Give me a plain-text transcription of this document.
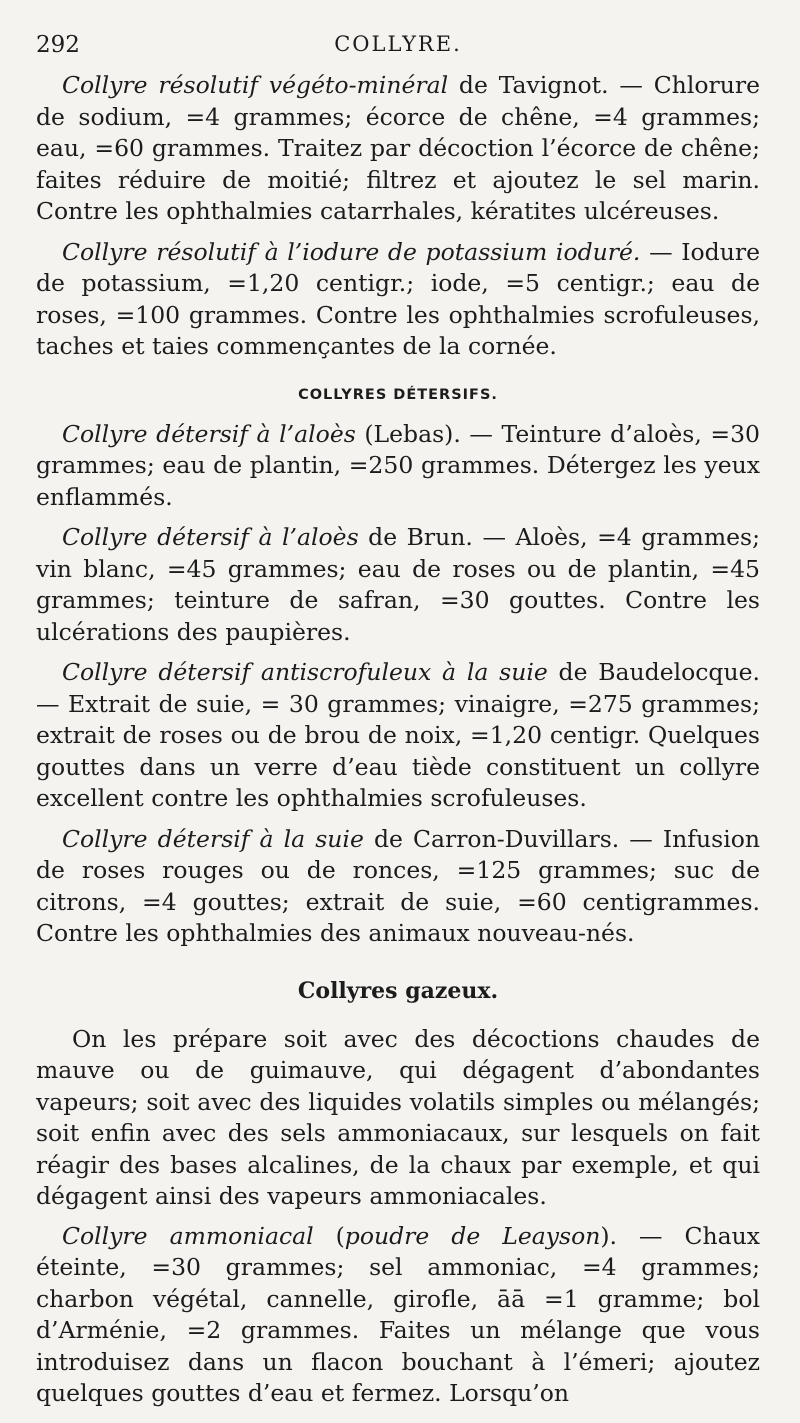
292	COLLYRE.

Collyre résolutif végéto-minéral de Tavignot. — Chlorure de sodium, =4 grammes; écorce de chêne, =4 grammes; eau, =60 grammes. Traitez par décoction l’écorce de chêne; faites réduire de moitié; filtrez et ajoutez le sel marin. Contre les ophthalmies catarrhales, kératites ulcéreuses.

Collyre résolutif à l’iodure de potassium ioduré. — Iodure de potassium, =1,20 centigr.; iode, =5 centigr.; eau de roses, =100 grammes. Contre les ophthalmies scrofuleuses, taches et taies commençantes de la cornée.

COLLYRES DÉTERSIFS.

Collyre détersif à l’aloès (Lebas). — Teinture d’aloès, =30 grammes; eau de plantin, =250 grammes. Détergez les yeux enflammés.

Collyre détersif à l’aloès de Brun. — Aloès, =4 grammes; vin blanc, =45 grammes; eau de roses ou de plantin, =45 grammes; teinture de safran, =30 gouttes. Contre les ulcérations des paupières.

Collyre détersif antiscrofuleux à la suie de Baudelocque. — Extrait de suie, = 30 grammes; vinaigre, =275 grammes; extrait de roses ou de brou de noix, =1,20 centigr. Quelques gouttes dans un verre d’eau tiède constituent un collyre excellent contre les ophthalmies scrofuleuses.

Collyre détersif à la suie de Carron-Duvillars. — Infusion de roses rouges ou de ronces, =125 grammes; suc de citrons, =4 gouttes; extrait de suie, =60 centigrammes. Contre les ophthalmies des animaux nouveau-nés.

Collyres gazeux.

On les prépare soit avec des décoctions chaudes de mauve ou de guimauve, qui dégagent d’abondantes vapeurs; soit avec des liquides volatils simples ou mélangés; soit enfin avec des sels ammoniacaux, sur lesquels on fait réagir des bases alcalines, de la chaux par exemple, et qui dégagent ainsi des vapeurs ammoniacales.

Collyre ammoniacal (poudre de Leayson). — Chaux éteinte, =30 grammes; sel ammoniac, =4 grammes; charbon végétal, cannelle, girofle, āā =1 gramme; bol d’Arménie, =2 grammes. Faites un mélange que vous introduisez dans un flacon bouchant à l’émeri; ajoutez quelques gouttes d’eau et fermez. Lorsqu’on
